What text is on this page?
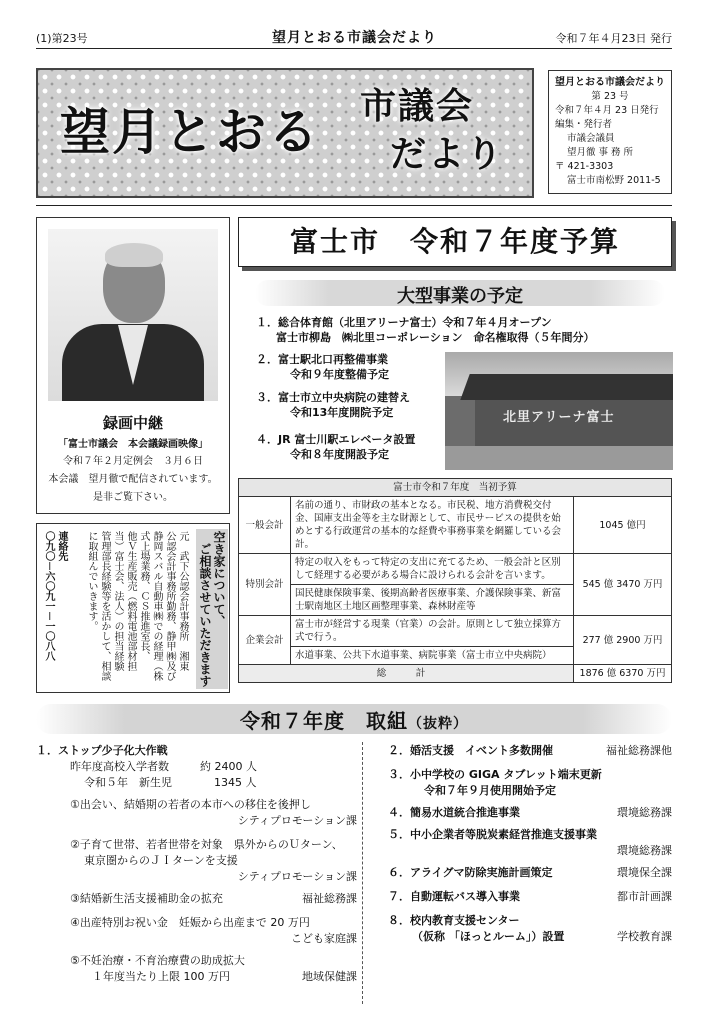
(1)第23号	望月とおる市議会だより	令和７年４月23日 発行
望月とおる 市議会
だより
望月とおる市議会だより
第 23 号
令和７年４月 23 日発行
編集・発行者
市議会議員
望月徹 事 務 所
〒 421-3303
富士市南松野 2011-5
録画中継
「富士市議会　本会議録画映像」
令和７年２月定例会　３月６日
本会議　望月徹で配信されています。
是非ご覧下さい。
空き家について、
ご相談させていただきます
元　武下公認会計事務所　湘東
公認会計事務所勤務、静甲㈱及び
静岡スバル自動車㈱での経理（株
式上場業務、ＣＳ推進室長、
他Ｖ生産販売（燃料電池部材担
当）富士会、法人）の担当経験
管理部長経験等を活かして、相談
に取組んでいきます。
連絡先
〇九〇－六〇九一－一〇八八
富士市　令和７年度予算
大型事業の予定
１．総合体育館（北里アリーナ富士）令和７年４月オープン
富士市柳島　㈱北里コーポレーション　命名権取得（５年間分）
２．富士駅北口再整備事業
令和９年度整備予定
３．富士市立中央病院の建替え
令和13年度開院予定
４．JR 富士川駅エレベータ設置
令和８年度開設予定
北里アリーナ富士
富士市令和７年度　当初予算		
一般会計	名前の通り、市財政の基本となる。市民税、地方消費税交付金、国庫支出金等を主な財源として、市民サービスの提供を始めとする行政運営の基本的な経費や事務事業を網羅している会計。	1045 億円
特別会計	特定の収入をもって特定の支出に充てるため、一般会計と区別して経理する必要がある場合に設けられる会計を言います。	545 億 3470 万円
	国民健康保険事業、後期高齢者医療事業、介護保険事業、新富士駅南地区土地区画整理事業、森林財産等	
企業会計	富士市が経営する現業（官業）の会計。原則として独立採算方式で行う。	277 億 2900 万円
	水道事業、公共下水道事業、病院事業（富士市立中央病院）	
総　計		1876 億 6370 万円
令和７年度　取組（抜粋）
１．ストップ少子化大作戦
昨年度高校入学者数	約 2400 人
令和５年　新生児	1345 人
①出会い、結婚期の若者の本市への移住を後押し
シティプロモーション課
②子育て世帯、若者世帯を対象　県外からのＵターン、
東京圏からのＪＩターンを支援
シティプロモーション課
③結婚新生活支援補助金の拡充	福祉総務課
④出産特別お祝い金　妊娠から出産まで 20 万円
こども家庭課
⑤不妊治療・不育治療費の助成拡大
１年度当たり上限 100 万円	地域保健課
２．婚活支援　イベント多数開催	福祉総務課他
３．小中学校の GIGA タブレット端末更新
令和７年９月使用開始予定
４．簡易水道統合推進事業	環境総務課
５．中小企業者等脱炭素経営推進支援事業
環境総務課
６．アライグマ防除実施計画策定	環境保全課
７．自動運転バス導入事業	都市計画課
８．校内教育支援センター
（仮称 「ほっとルーム」）設置	学校教育課
